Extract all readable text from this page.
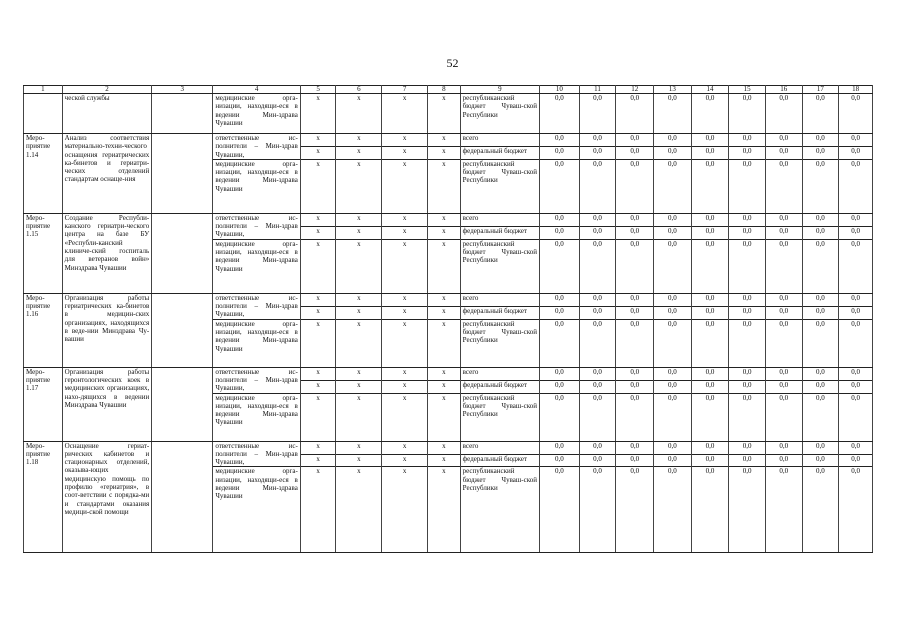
52
1	2	3	4	5	6	7	8	9	10	11	12	13	14	15	16	17	18
	ческой службы		медицинские орга-низации, находящи-еся в ведении Мин-здрава Чувашии	x	x	x	x	республиканский бюджет Чуваш-ской Республики	0,0	0,0	0,0	0,0	0,0	0,0	0,0	0,0	0,0
Меро-приятие 1.14	Анализ соответствия материально-техни-ческого оснащения гериатрических ка-бинетов и гериатри-ческих отделений стандартам оснаще-ния		ответственные ис-полнители – Мин-здрав Чувашии,	x	x	x	x	всего	0,0	0,0	0,0	0,0	0,0	0,0	0,0	0,0	0,0
				x	x	x	x	федеральный бюджет	0,0	0,0	0,0	0,0	0,0	0,0	0,0	0,0	0,0
			медицинские орга-низации, находящи-еся в ведении Мин-здрава Чувашии	x	x	x	x	республиканский бюджет Чуваш-ской Республики	0,0	0,0	0,0	0,0	0,0	0,0	0,0	0,0	0,0
Меро-приятие 1.15	Создание Республи-канского гериатри-ческого центра на базе БУ «Республи-канский клиниче-ский госпиталь для ветеранов войн» Минздрава Чувашии		ответственные ис-полнители – Мин-здрав Чувашии,	x	x	x	x	всего	0,0	0,0	0,0	0,0	0,0	0,0	0,0	0,0	0,0
				x	x	x	x	федеральный бюджет	0,0	0,0	0,0	0,0	0,0	0,0	0,0	0,0	0,0
			медицинские орга-низации, находящи-еся в ведении Мин-здрава Чувашии	x	x	x	x	республиканский бюджет Чуваш-ской Республики	0,0	0,0	0,0	0,0	0,0	0,0	0,0	0,0	0,0
Меро-приятие 1.16	Организация работы гериатрических ка-бинетов в медицин-ских организациях, находящихся в веде-нии Минздрава Чу-вашии		ответственные ис-полнители – Мин-здрав Чувашии,	x	x	x	x	всего	0,0	0,0	0,0	0,0	0,0	0,0	0,0	0,0	0,0
				x	x	x	x	федеральный бюджет	0,0	0,0	0,0	0,0	0,0	0,0	0,0	0,0	0,0
			медицинские орга-низации, находящи-еся в ведении Мин-здрава Чувашии	x	x	x	x	республиканский бюджет Чуваш-ской Республики	0,0	0,0	0,0	0,0	0,0	0,0	0,0	0,0	0,0
Меро-приятие 1.17	Организация работы геронтологических коек в медицинских организациях, нахо-дящихся в ведении Минздрава Чувашии		ответственные ис-полнители – Мин-здрав Чувашии,	x	x	x	x	всего	0,0	0,0	0,0	0,0	0,0	0,0	0,0	0,0	0,0
				x	x	x	x	федеральный бюджет	0,0	0,0	0,0	0,0	0,0	0,0	0,0	0,0	0,0
			медицинские орга-низации, находящи-еся в ведении Мин-здрава Чувашии	x	x	x	x	республиканский бюджет Чуваш-ской Республики	0,0	0,0	0,0	0,0	0,0	0,0	0,0	0,0	0,0
Меро-приятие 1.18	Оснащение гериат-рических кабинетов и стационарных отделений, оказыва-ющих медицинскую помощь по профилю «гериатрия», в соот-ветствии с порядка-ми и стандартами оказания медици-ской помощи		ответственные ис-полнители – Мин-здрав Чувашии,	x	x	x	x	всего	0,0	0,0	0,0	0,0	0,0	0,0	0,0	0,0	0,0
				x	x	x	x	федеральный бюджет	0,0	0,0	0,0	0,0	0,0	0,0	0,0	0,0	0,0
			медицинские орга-низации, находящи-еся в ведении Мин-здрава Чувашии	x	x	x	x	республиканский бюджет Чуваш-ской Республики	0,0	0,0	0,0	0,0	0,0	0,0	0,0	0,0	0,0
